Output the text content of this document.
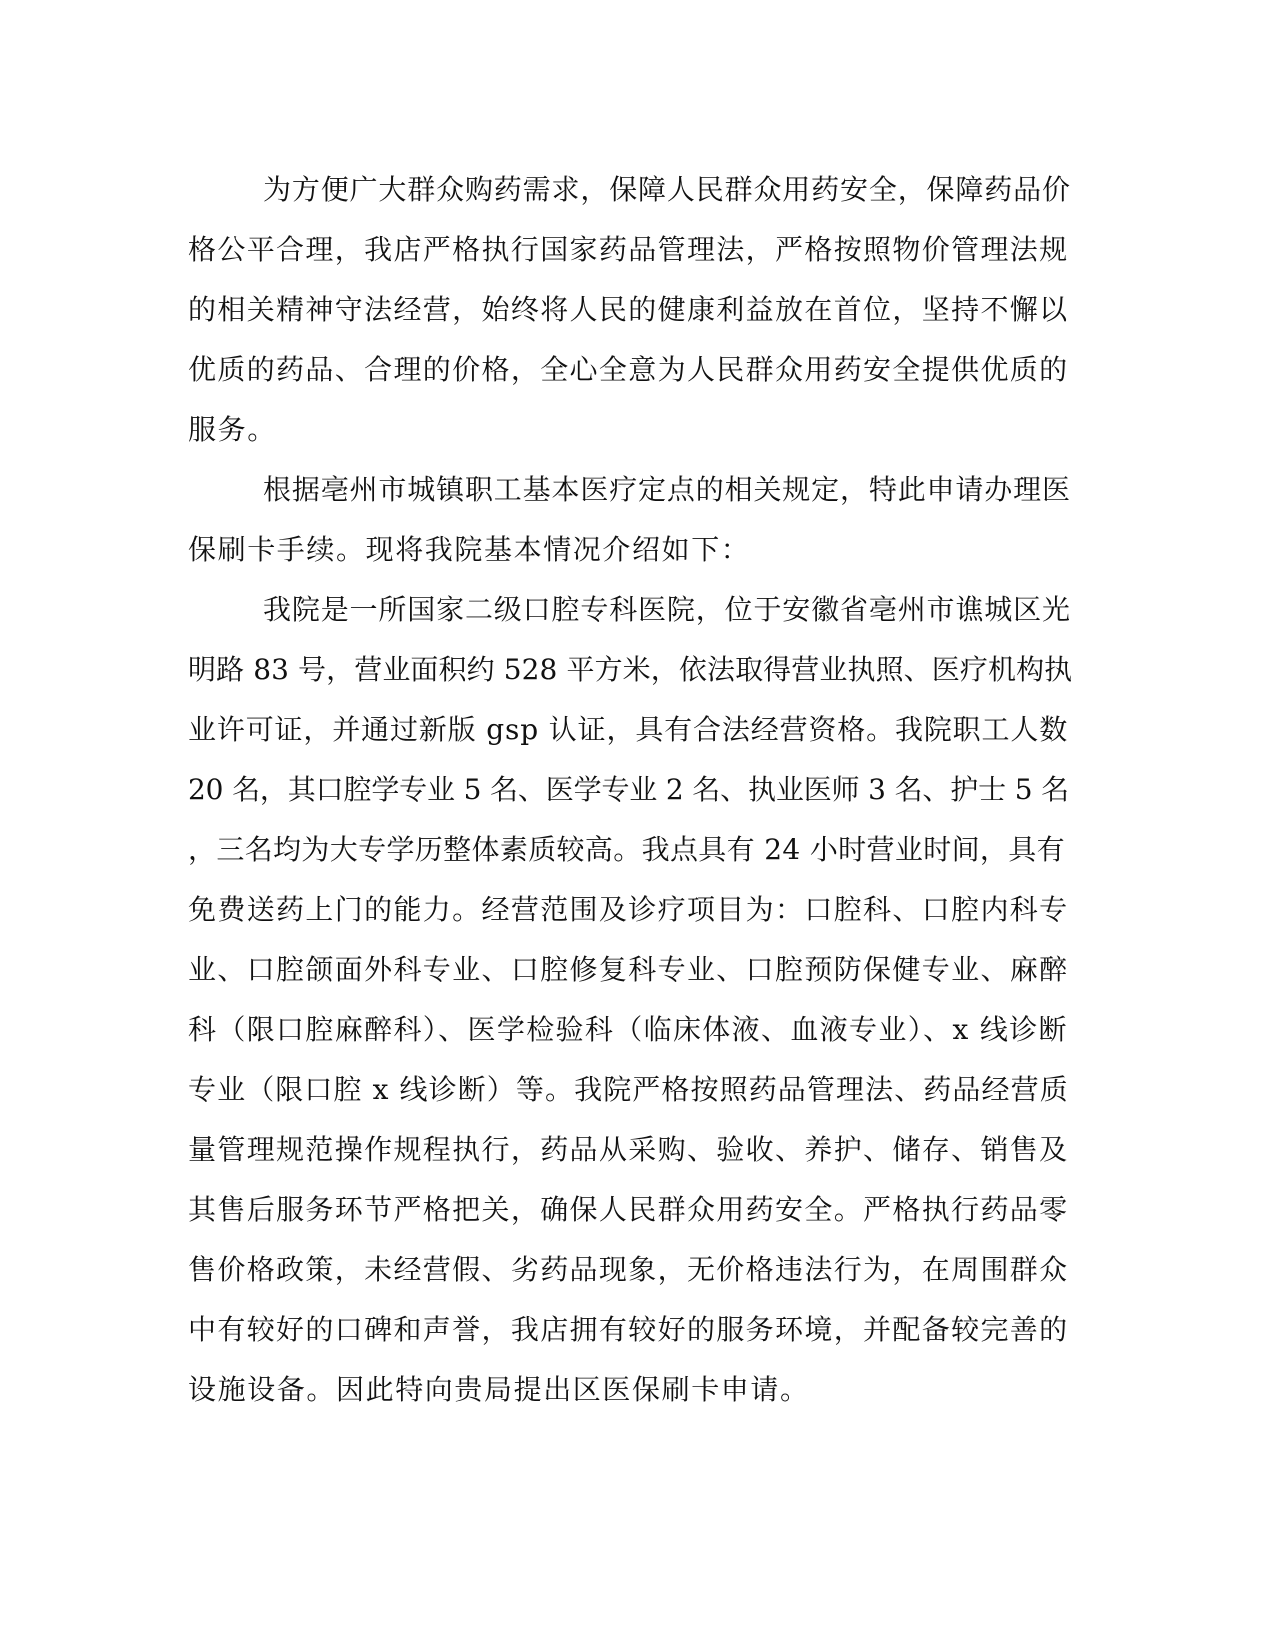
为方便广大群众购药需求，保障人民群众用药安全，保障药品价
格公平合理，我店严格执行国家药品管理法，严格按照物价管理法规
的相关精神守法经营，始终将人民的健康利益放在首位，坚持不懈以
优质的药品、合理的价格，全心全意为人民群众用药安全提供优质的
服务。
根据亳州市城镇职工基本医疗定点的相关规定，特此申请办理医
保刷卡手续。现将我院基本情况介绍如下：
我院是一所国家二级口腔专科医院，位于安徽省亳州市谯城区光
明路 83 号，营业面积约 528 平方米，依法取得营业执照、医疗机构执
业许可证，并通过新版 gsp 认证，具有合法经营资格。我院职工人数
20 名，其口腔学专业 5 名、医学专业 2 名、执业医师 3 名、护士 5 名
，三名均为大专学历整体素质较高。我点具有 24 小时营业时间，具有
免费送药上门的能力。经营范围及诊疗项目为：口腔科、口腔内科专
业、口腔颌面外科专业、口腔修复科专业、口腔预防保健专业、麻醉
科（限口腔麻醉科）、医学检验科（临床体液、血液专业）、x 线诊断
专业（限口腔 x 线诊断）等。我院严格按照药品管理法、药品经营质
量管理规范操作规程执行，药品从采购、验收、养护、储存、销售及
其售后服务环节严格把关，确保人民群众用药安全。严格执行药品零
售价格政策，未经营假、劣药品现象，无价格违法行为，在周围群众
中有较好的口碑和声誉，我店拥有较好的服务环境，并配备较完善的
设施设备。因此特向贵局提出区医保刷卡申请。
